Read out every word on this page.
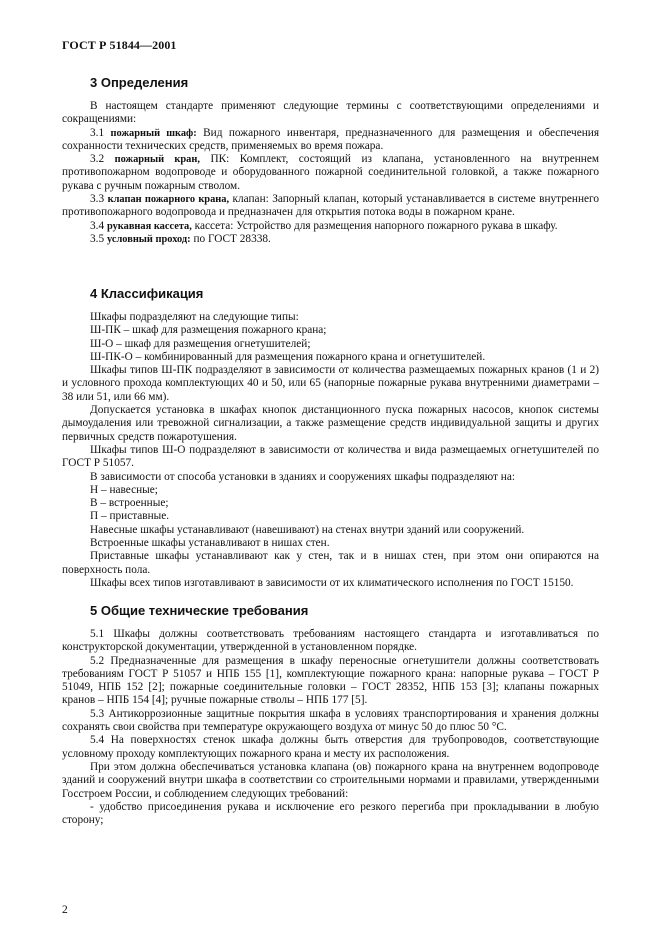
ГОСТ Р 51844—2001
3 Определения

В настоящем стандарте применяют следующие термины с соответствующими определениями и сокращениями:

3.1 пожарный шкаф: Вид пожарного инвентаря, предназначенного для размещения и обеспечения сохранности технических средств, применяемых во время пожара.

3.2 пожарный кран, ПК: Комплект, состоящий из клапана, установленного на внутреннем противопожарном водопроводе и оборудованного пожарной соединительной головкой, а также пожарного рукава с ручным пожарным стволом.

3.3 клапан пожарного крана, клапан: Запорный клапан, который устанавливается в системе внутреннего противопожарного водопровода и предназначен для открытия потока воды в пожарном кране.

3.4 рукавная кассета, кассета: Устройство для размещения напорного пожарного рукава в шкафу.

3.5 условный проход: по ГОСТ 28338.

4 Классификация

Шкафы подразделяют на следующие типы:

Ш-ПК – шкаф для размещения пожарного крана;

Ш-О – шкаф для размещения огнетушителей;

Ш-ПК-О – комбинированный для размещения пожарного крана и огнетушителей.

Шкафы типов Ш-ПК подразделяют в зависимости от количества размещаемых пожарных кранов (1 и 2) и условного прохода комплектующих 40 и 50, или 65 (напорные пожарные рукава внутренними диаметрами – 38 или 51, или 66 мм).

Допускается установка в шкафах кнопок дистанционного пуска пожарных насосов, кнопок системы дымоудаления или тревожной сигнализации, а также размещение средств индивидуальной защиты и других первичных средств пожаротушения.

Шкафы типов Ш-О подразделяют в зависимости от количества и вида размещаемых огнетушителей по ГОСТ Р 51057.

В зависимости от способа установки в зданиях и сооружениях шкафы подразделяют на:

Н – навесные;

В – встроенные;

П – приставные.

Навесные шкафы устанавливают (навешивают) на стенах внутри зданий или сооружений.

Встроенные шкафы устанавливают в нишах стен.

Приставные шкафы устанавливают как у стен, так и в нишах стен, при этом они опираются на поверхность пола.

Шкафы всех типов изготавливают в зависимости от их климатического исполнения по ГОСТ 15150.

5 Общие технические требования

5.1 Шкафы должны соответствовать требованиям настоящего стандарта и изготавливаться по конструкторской документации, утвержденной в установленном порядке.

5.2 Предназначенные для размещения в шкафу переносные огнетушители должны соответствовать требованиям ГОСТ Р 51057 и НПБ 155 [1], комплектующие пожарного крана: напорные рукава – ГОСТ Р 51049, НПБ 152 [2]; пожарные соединительные головки – ГОСТ 28352, НПБ 153 [3]; клапаны пожарных кранов – НПБ 154 [4]; ручные пожарные стволы – НПБ 177 [5].

5.3 Антикоррозионные защитные покрытия шкафа в условиях транспортирования и хранения должны сохранять свои свойства при температуре окружающего воздуха от минус 50 до плюс 50 °С.

5.4 На поверхностях стенок шкафа должны быть отверстия для трубопроводов, соответствующие условному проходу комплектующих пожарного крана и месту их расположения.

При этом должна обеспечиваться установка клапана (ов) пожарного крана на внутреннем водопроводе зданий и сооружений внутри шкафа в соответствии со строительными нормами и правилами, утвержденными Госстроем России, и соблюдением следующих требований:

- удобство присоединения рукава и исключение его резкого перегиба при прокладывании в любую сторону;

2
